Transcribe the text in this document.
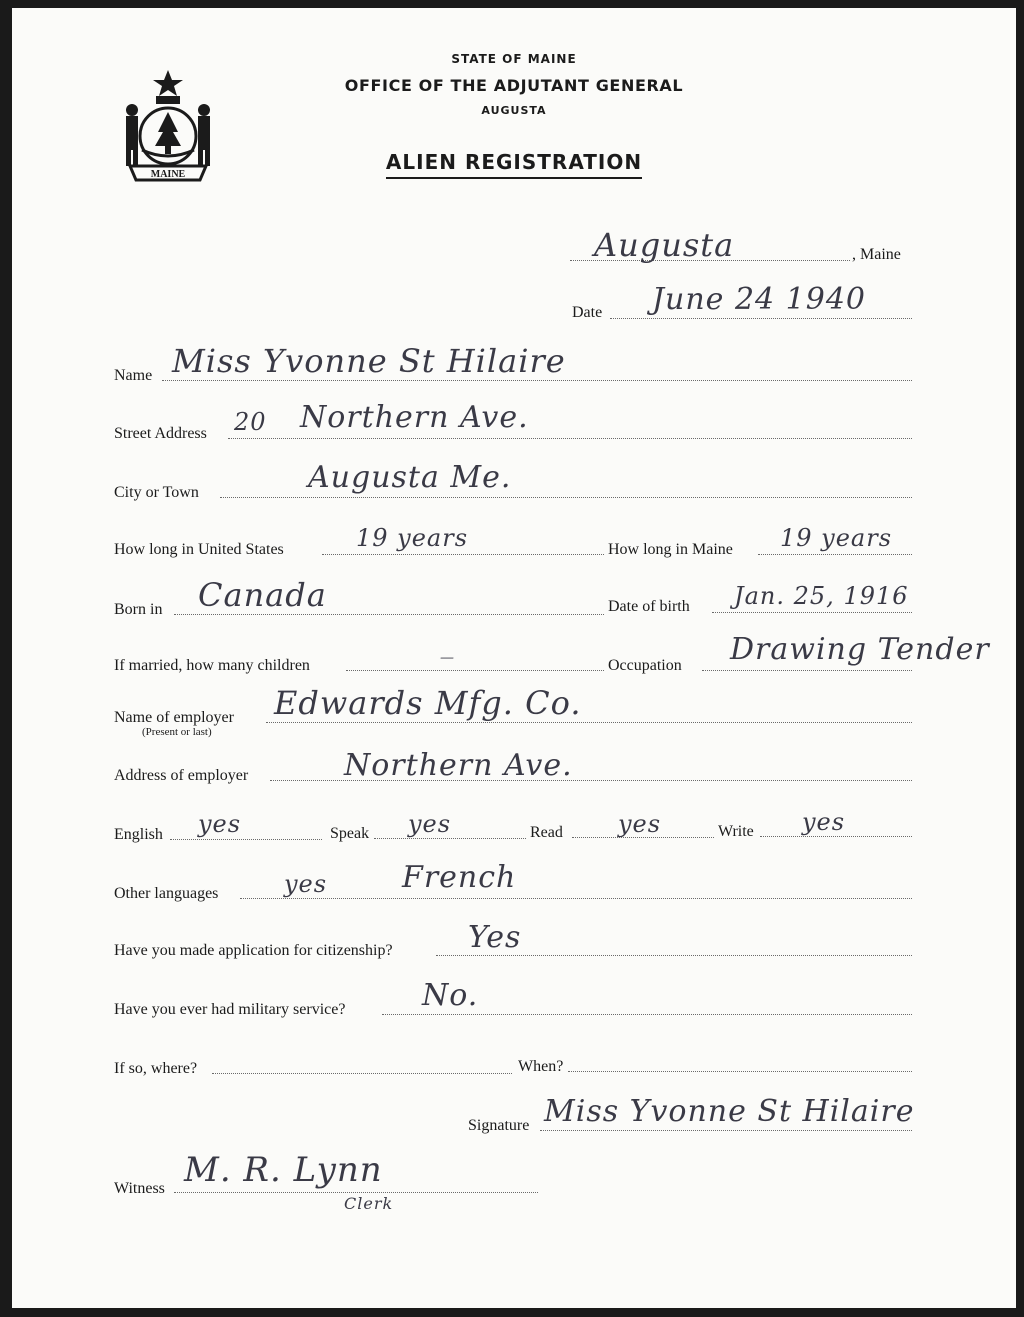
MAINE
STATE OF MAINE
OFFICE OF THE ADJUTANT GENERAL
AUGUSTA
ALIEN REGISTRATION
Augusta	, Maine
Date June 24 1940
Name Miss Yvonne St Hilaire
Street Address 20 Northern Ave.
City or Town	Augusta Me.
How long in United States	19 years	How long in Maine 19 years
Born in Canada	Date of birth Jan. 25, 1916
If married, how many children	—	Occupation Drawing Tender
Name of employer
(Present or last)
Edwards Mfg. Co.
Address of employer	Northern Ave.
English yes	Speak yes	Read yes	Write yes
Other languages	yes French
Have you made application for citizenship?	Yes
Have you ever had military service?	No.
If so, where?	When?
Signature Miss Yvonne St Hilaire
Witness M. R. Lynn
Clerk
